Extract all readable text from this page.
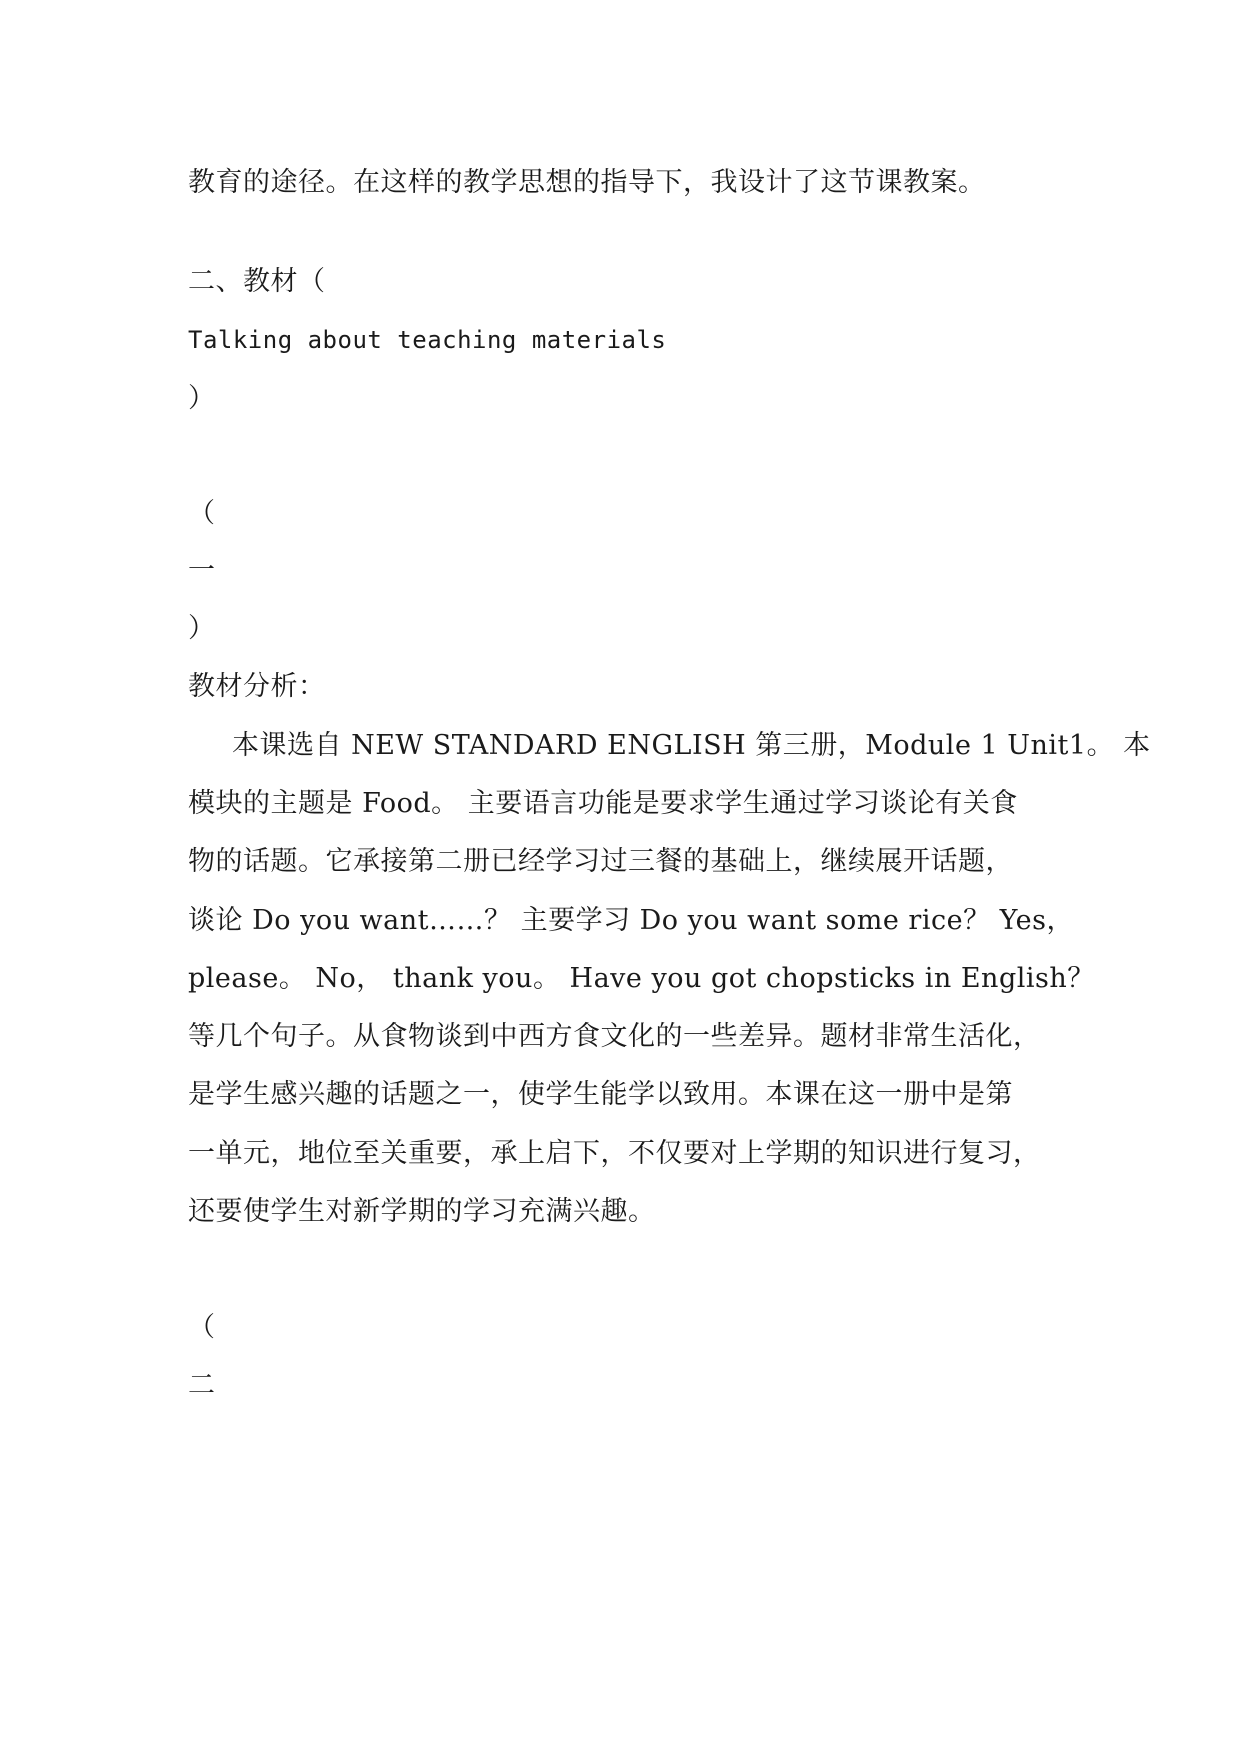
教育的途径。在这样的教学思想的指导下，我设计了这节课教案。
二、教材（
Talking about teaching materials
）
（
一
）
教材分析：
本课选自 NEW STANDARD ENGLISH 第三册，Module 1 Unit1。 本
模块的主题是 Food。 主要语言功能是要求学生通过学习谈论有关食
物的话题。它承接第二册已经学习过三餐的基础上，继续展开话题，
谈论 Do you want……？ 主要学习 Do you want some rice？ Yes，
please。 No， thank you。 Have you got chopsticks in English？
等几个句子。从食物谈到中西方食文化的一些差异。题材非常生活化，
是学生感兴趣的话题之一，使学生能学以致用。本课在这一册中是第
一单元，地位至关重要，承上启下，不仅要对上学期的知识进行复习，
还要使学生对新学期的学习充满兴趣。
（
二
